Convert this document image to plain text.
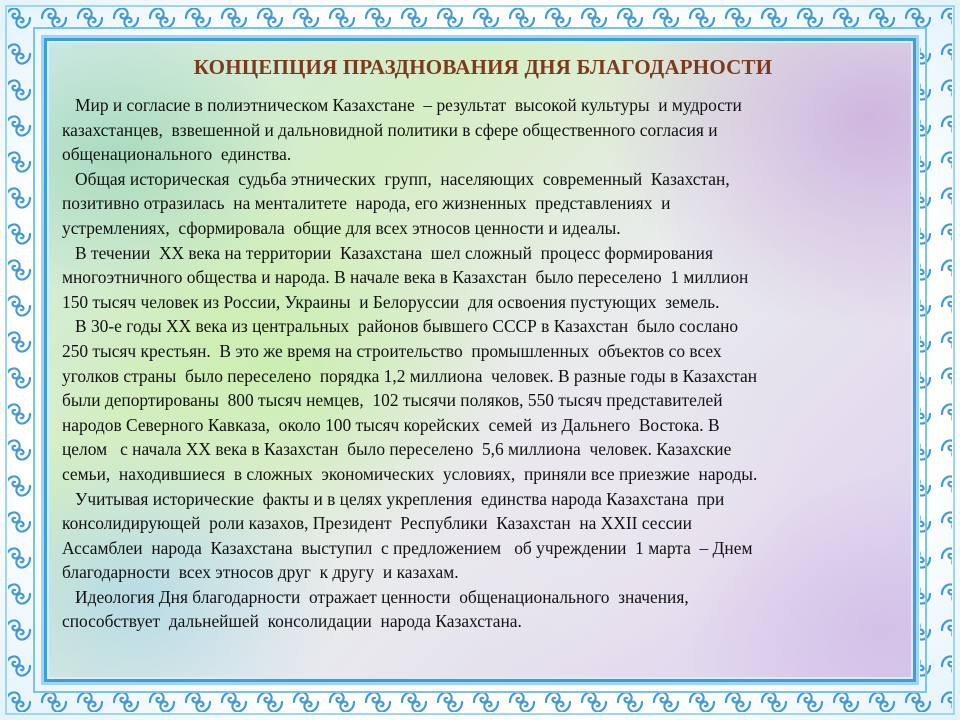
КОНЦЕПЦИЯ ПРАЗДНОВАНИЯ ДНЯ БЛАГОДАРНОСТИ
Мир и согласие в полиэтническом Казахстане  – результат  высокой культуры  и мудрости
казахстанцев,  взвешенной и дальновидной политики в сфере общественного согласия и
общенационального  единства.
Общая историческая  судьба этнических  групп,  населяющих  современный  Казахстан,
позитивно отразилась  на менталитете  народа, его жизненных  представлениях  и
устремлениях,  сформировала  общие для всех этносов ценности и идеалы.
В течении  XX века на территории  Казахстана  шел сложный  процесс формирования
многоэтничного общества и народа. В начале века в Казахстан  было переселено  1 миллион
150 тысяч человек из России, Украины  и Белоруссии  для освоения пустующих  земель.
В 30-е годы XX века из центральных  районов бывшего СССР в Казахстан  было сослано
250 тысяч крестьян.  В это же время на строительство  промышленных  объектов со всех
уголков страны  было переселено  порядка 1,2 миллиона  человек. В разные годы в Казахстан
были депортированы  800 тысяч немцев,  102 тысячи поляков, 550 тысяч представителей
народов Северного Кавказа,  около 100 тысяч корейских  семей  из Дальнего  Востока. В
целом   с начала XX века в Казахстан  было переселено  5,6 миллиона  человек. Казахские
семьи,  находившиеся  в сложных  экономических  условиях,  приняли все приезжие  народы.
Учитывая исторические  факты и в целях укрепления  единства народа Казахстана  при
консолидирующей  роли казахов, Президент  Республики  Казахстан  на XXII сессии
Ассамблеи  народа  Казахстана  выступил  с предложением   об учреждении  1 марта  – Днем
благодарности  всех этносов друг  к другу  и казахам.
Идеология Дня благодарности  отражает ценности  общенационального  значения,
способствует  дальнейшей  консолидации  народа Казахстана.
